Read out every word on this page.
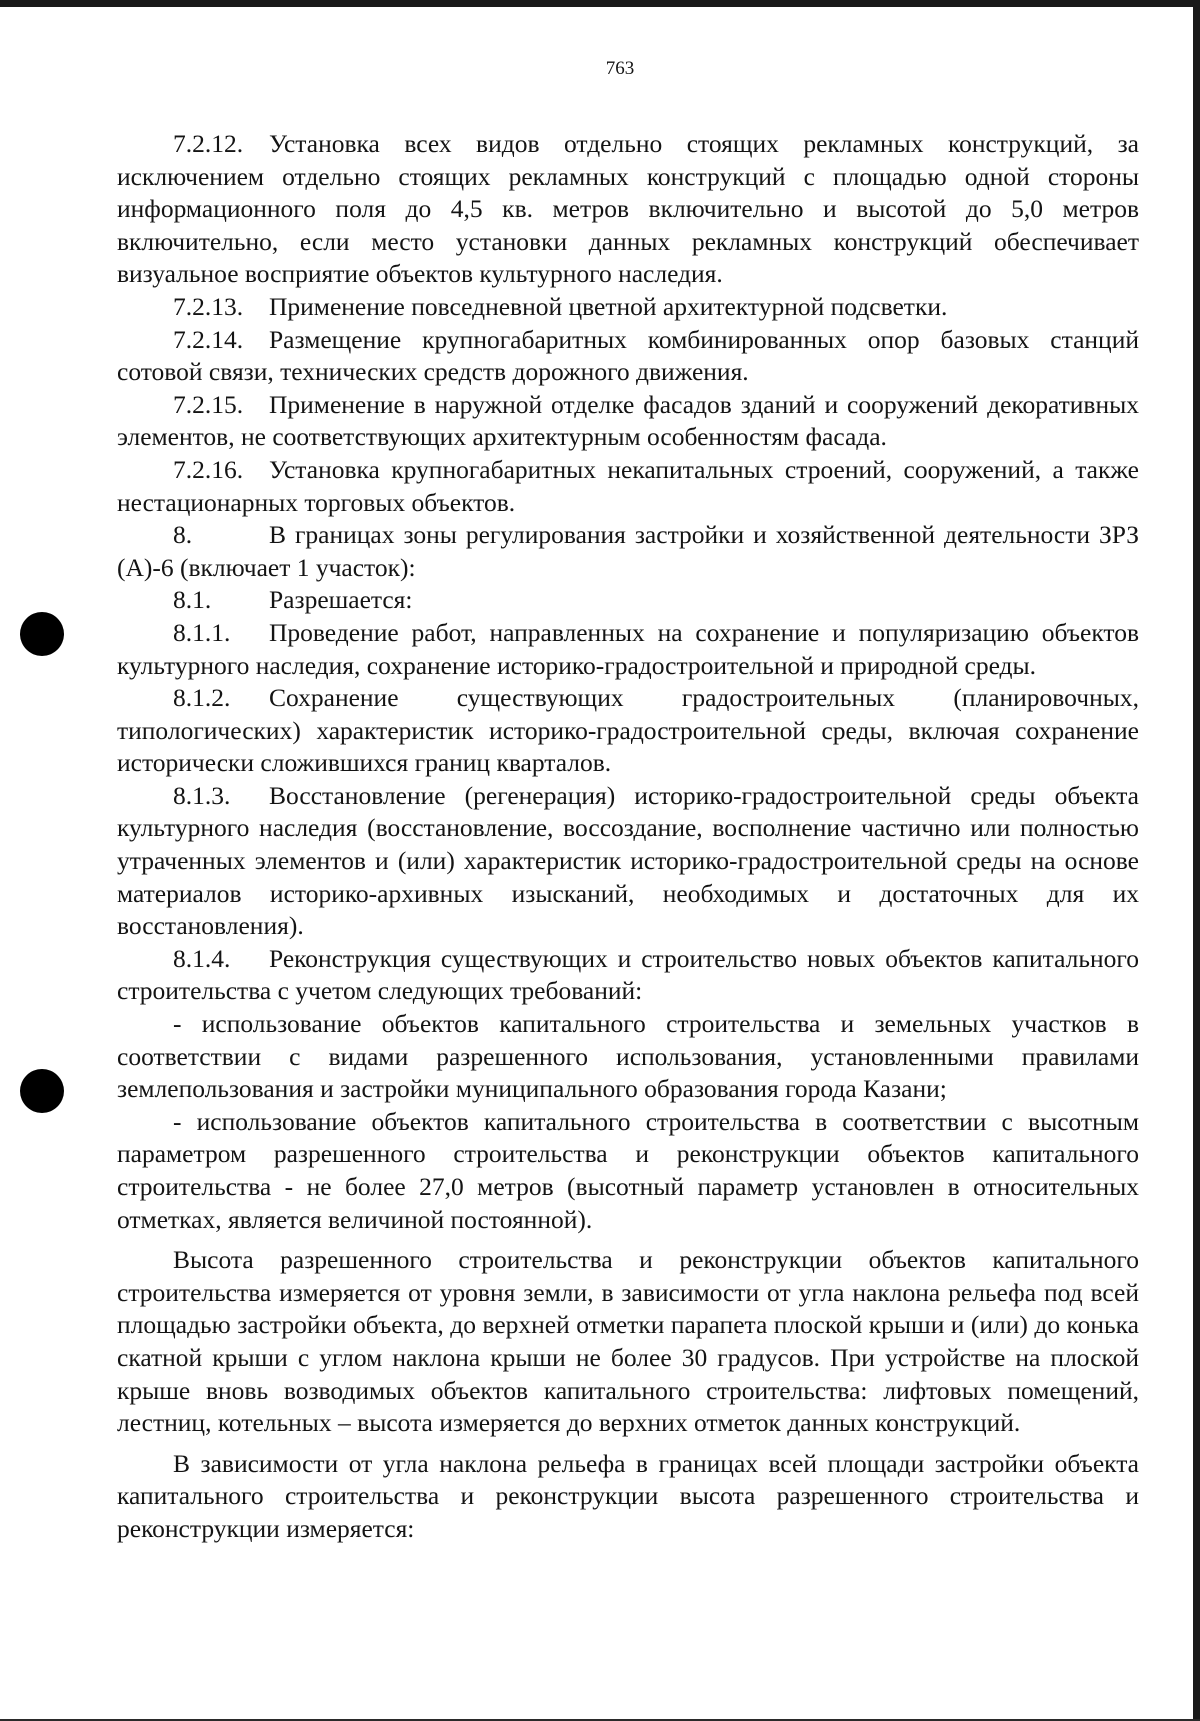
763

7.2.12. Установка всех видов отдельно стоящих рекламных конструкций, за исключением отдельно стоящих рекламных конструкций с площадью одной стороны информационного поля до 4,5 кв. метров включительно и высотой до 5,0 метров включительно, если место установки данных рекламных конструкций обеспечивает визуальное восприятие объектов культурного наследия.

7.2.13. Применение повседневной цветной архитектурной подсветки.

7.2.14. Размещение крупногабаритных комбинированных опор базовых станций сотовой связи, технических средств дорожного движения.

7.2.15. Применение в наружной отделке фасадов зданий и сооружений декоративных элементов, не соответствующих архитектурным особенностям фасада.

7.2.16. Установка крупногабаритных некапитальных строений, сооружений, а также нестационарных торговых объектов.

8.	В границах зоны регулирования застройки и хозяйственной деятельности ЗРЗ (А)-6 (включает 1 участок):

8.1. Разрешается:

8.1.1. Проведение работ, направленных на сохранение и популяризацию объектов культурного наследия, сохранение историко-градостроительной и природной среды.

8.1.2. Сохранение существующих градостроительных (планировочных, типологических) характеристик историко-градостроительной среды, включая сохранение исторически сложившихся границ кварталов.

8.1.3. Восстановление (регенерация) историко-градостроительной среды объекта культурного наследия (восстановление, воссоздание, восполнение частично или полностью утраченных элементов и (или) характеристик историко-градостроительной среды на основе материалов историко-архивных изысканий, необходимых и достаточных для их восстановления).

8.1.4. Реконструкция существующих и строительство новых объектов капитального строительства с учетом следующих требований:

- использование объектов капитального строительства и земельных участков в соответствии с видами разрешенного использования, установленными правилами землепользования и застройки муниципального образования города Казани;

- использование объектов капитального строительства в соответствии с высотным параметром разрешенного строительства и реконструкции объектов капитального строительства - не более 27,0 метров (высотный параметр установлен в относительных отметках, является величиной постоянной).

Высота разрешенного строительства и реконструкции объектов капитального строительства измеряется от уровня земли, в зависимости от угла наклона рельефа под всей площадью застройки объекта, до верхней отметки парапета плоской крыши и (или) до конька скатной крыши с углом наклона крыши не более 30 градусов. При устройстве на плоской крыше вновь возводимых объектов капитального строительства: лифтовых помещений, лестниц, котельных – высота измеряется до верхних отметок данных конструкций.

В зависимости от угла наклона рельефа в границах всей площади застройки объекта капитального строительства и реконструкции высота разрешенного строительства и реконструкции измеряется:
